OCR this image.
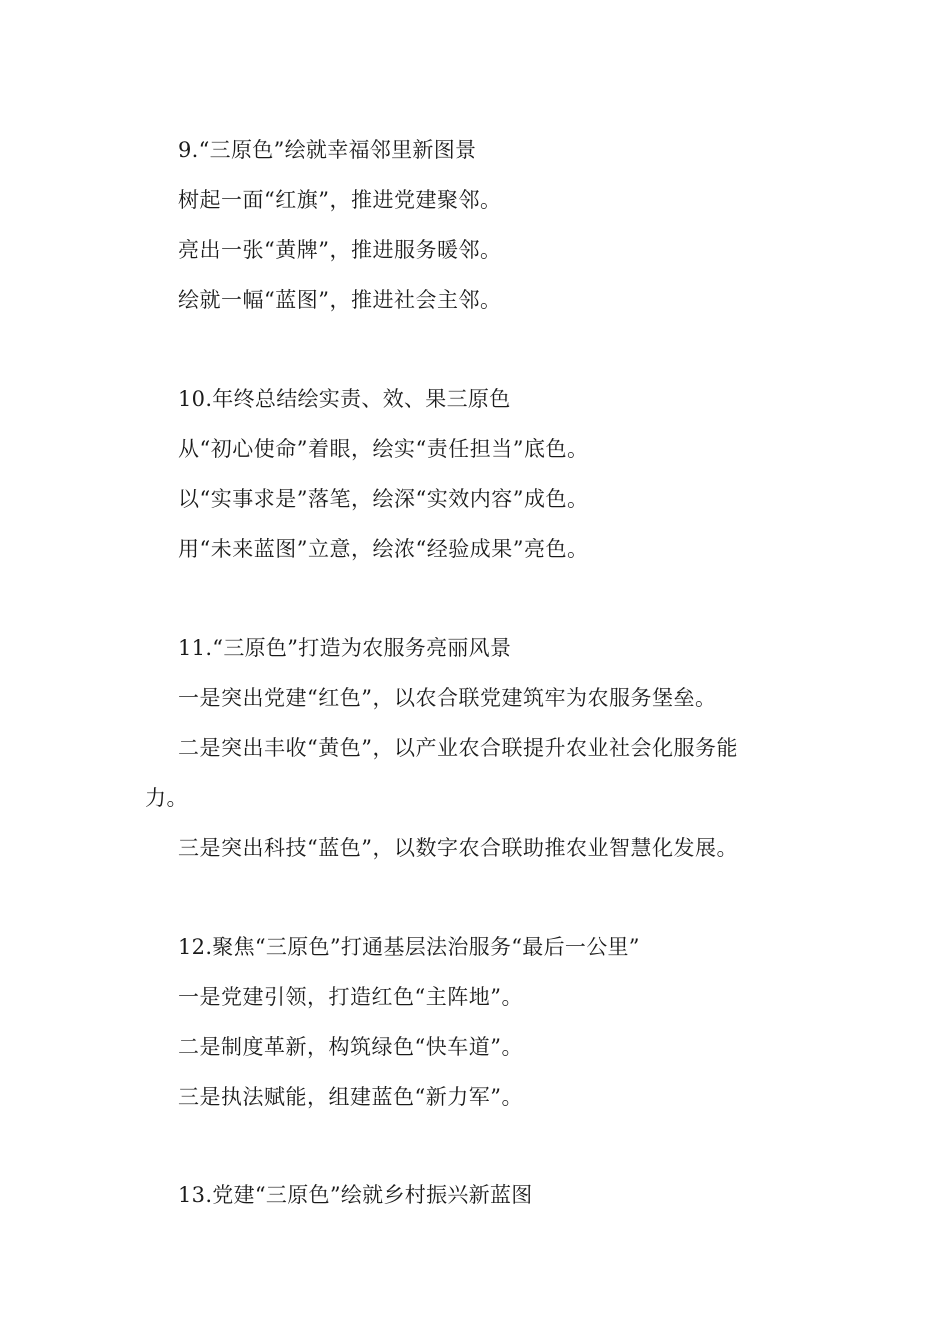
9.“三原色”绘就幸福邻里新图景

树起一面“红旗”，推进党建聚邻。

亮出一张“黄牌”，推进服务暖邻。

绘就一幅“蓝图”，推进社会主邻。

10.年终总结绘实责、效、果三原色

从“初心使命”着眼，绘实“责任担当”底色。

以“实事求是”落笔，绘深“实效内容”成色。

用“未来蓝图”立意，绘浓“经验成果”亮色。

11.“三原色”打造为农服务亮丽风景

一是突出党建“红色”，以农合联党建筑牢为农服务堡垒。

二是突出丰收“黄色”，以产业农合联提升农业社会化服务能

力。

三是突出科技“蓝色”，以数字农合联助推农业智慧化发展。

12.聚焦“三原色”打通基层法治服务“最后一公里”

一是党建引领，打造红色“主阵地”。

二是制度革新，构筑绿色“快车道”。

三是执法赋能，组建蓝色“新力军”。

13.党建“三原色”绘就乡村振兴新蓝图
